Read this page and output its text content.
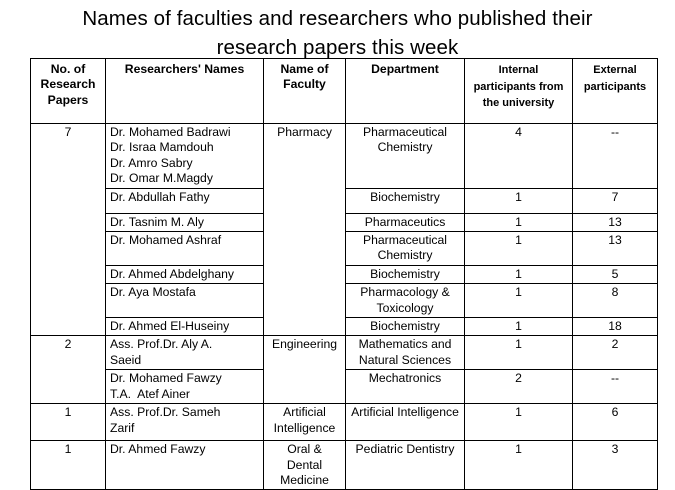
Names of faculties and researchers who published their
research papers this week
No. of Research Papers	Researchers' Names	Name of Faculty	Department	Internal participants from the university	External participants
7	Dr. Mohamed Badrawi
Dr. Israa Mamdouh
Dr. Amro Sabry
Dr. Omar M.Magdy	Pharmacy	Pharmaceutical Chemistry	4	--

	Dr. Abdullah Fathy		Biochemistry	1	7

	Dr. Tasnim M. Aly		Pharmaceutics	1	13

	Dr. Mohamed Ashraf		Pharmaceutical Chemistry	1	13

	Dr. Ahmed Abdelghany		Biochemistry	1	5

	Dr. Aya Mostafa		Pharmacology & Toxicology	1	8

	Dr. Ahmed El-Huseiny		Biochemistry	1	18
2	Ass. Prof.Dr. Aly A.
Saeid	Engineering	Mathematics and Natural Sciences	1	2

	Dr. Mohamed Fawzy
T.A.  Atef Ainer		Mechatronics	2	--
1	Ass. Prof.Dr. Sameh
Zarif	Artificial Intelligence	Artificial Intelligence	1	6
1	Dr. Ahmed Fawzy	Oral & Dental Medicine	Pediatric Dentistry	1	3
